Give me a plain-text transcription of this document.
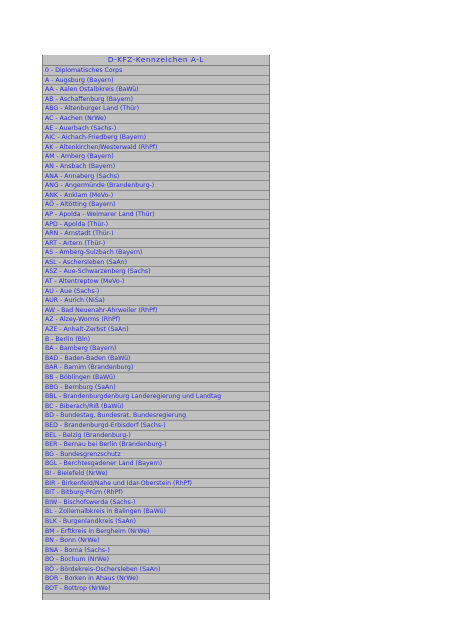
D-KFZ-Kennzeichen A-L
0 - Diplomatisches Corps
A - Augsburg (Bayern)
AA - Aalen Ostalbkreis (BaWü)
AB - Aschaffenburg (Bayern)
ABG - Altenburger Land (Thür)
AC - Aachen (NrWe)
AE - Auerbach (Sachs-)
AIC - Aichach-Friedberg (Bayern)
AK - Altenkirchen/Westerwald (RhPf)
AM - Amberg (Bayern)
AN - Ansbach (Bayern)
ANA - Annaberg (Sachs)
ANG - Angermünde (Brandenburg-)
ANK - Anklam (MeVo-)
AÖ - Altötting (Bayern)
AP - Apolda - Weimarer Land (Thür)
APD - Apolda (Thür-)
ARN - Arnstadt (Thür-)
ART - Artern (Thür-)
AS - Amberg-Sulzbach (Bayern)
ASL - Aschersleben (SaAn)
ASZ - Aue-Schwarzenberg (Sachs)
AT - Altentreptow (MeVo-)
AU - Aue (Sachs-)
AUR - Aurich (NiSa)
AW - Bad Neuenahr-Ahrweiler (RhPf)
AZ - Alzey-Worms (RhPf)
AZE - Anhalt-Zerbst (SaAn)
B - Berlin (Bln)
BA - Bamberg (Bayern)
BAD - Baden-Baden (BaWü)
BAR - Barnim (Brandenburg)
BB - Böblingen (BaWü)
BBG - Bernburg (SaAn)
BBL - Brandenburgdenburg Landeregierung und Landtag
BC - Biberach/Riß (BaWü)
BD - Bundestag, Bundesrat, Bundesregierung
BED - Brandenburgd-Erbisdorf (Sachs-)
BEL - Belzig (Brandenburg-)
BER - Bernau bei Berlin (Brandenburg-)
BG - Bundesgrenzschutz
BGL - Berchtesgadener Land (Bayern)
BI - Bielefeld (NrWe)
BIR - Birkenfeld/Nahe und Idar-Oberstein (RhPf)
BIT - Bitburg-Prüm (RhPf)
BIW - Bischofswerda (Sachs-)
BL - Zollernalbkreis in Balingen (BaWü)
BLK - Burgenlandkreis (SaAn)
BM - Erftkreis in Bergheim (NrWe)
BN - Bonn (NrWe)
BNA - Borna (Sachs-)
BO - Bochum (NrWe)
BÖ - Bördekreis-Oschersleben (SaAn)
BOR - Borken in Ahaus (NrWe)
BOT - Bottrop (NrWe)
